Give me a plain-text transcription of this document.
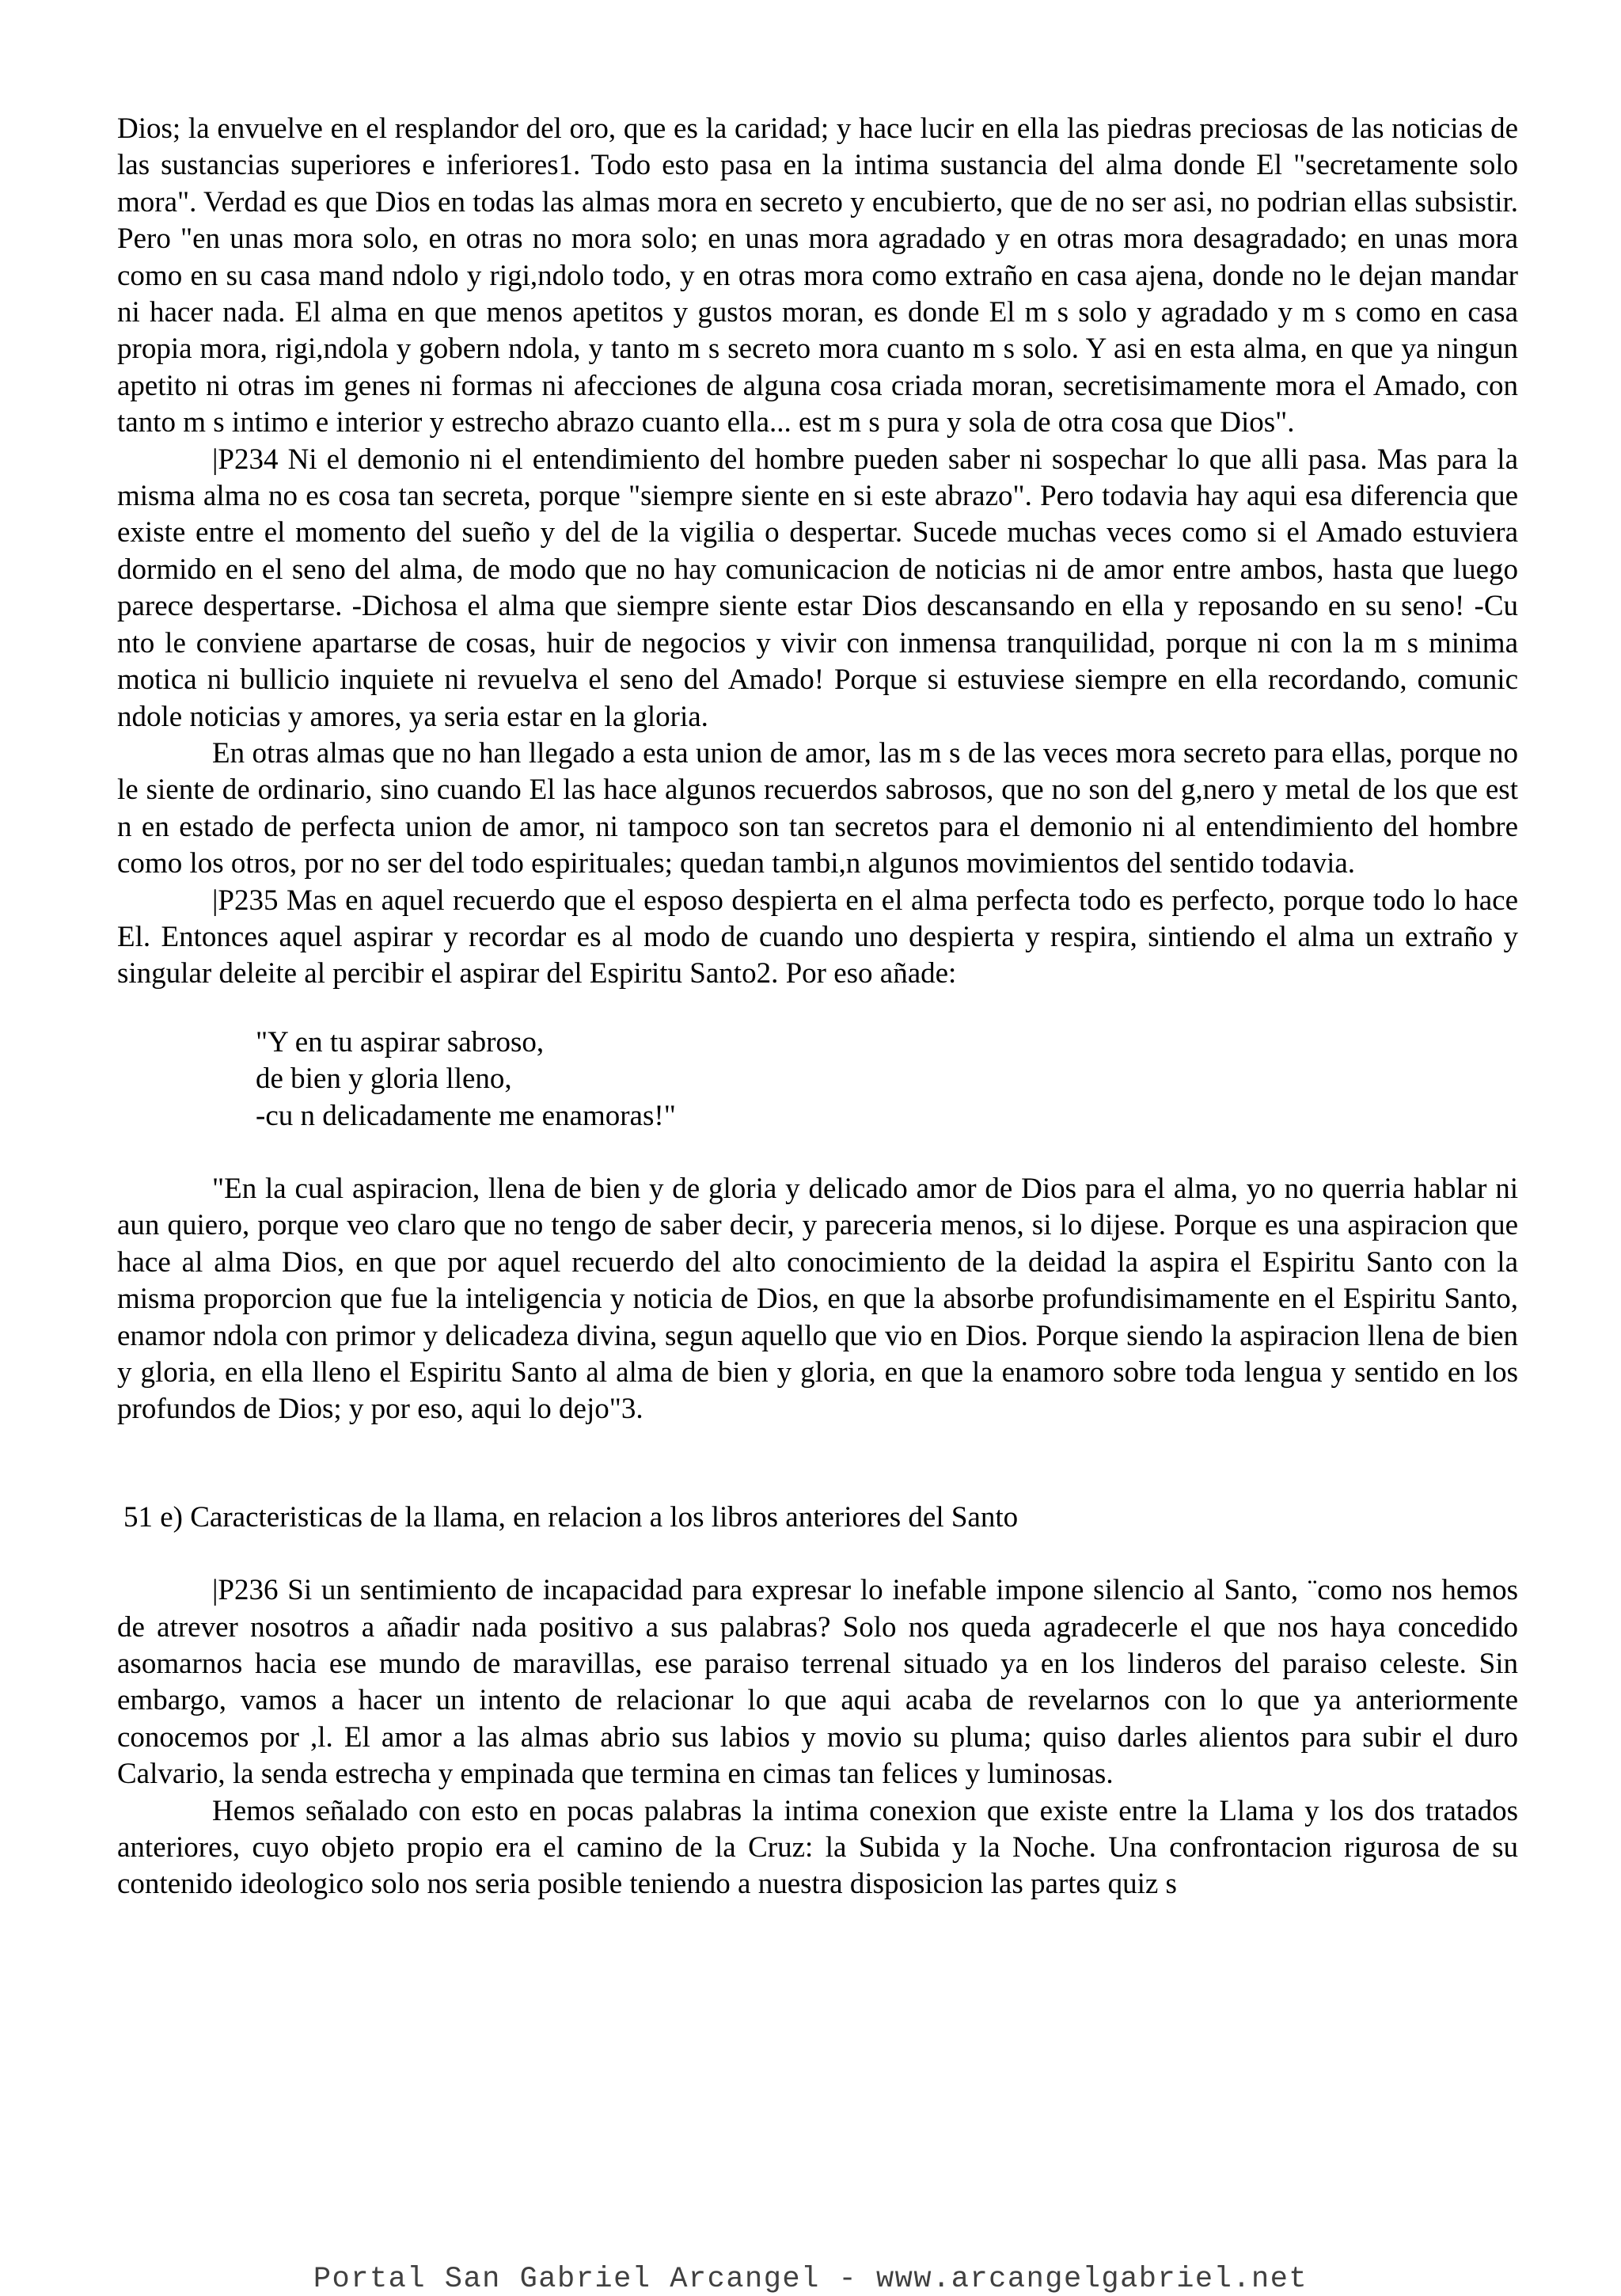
Dios; la envuelve en el resplandor del oro, que es la caridad; y hace lucir en ella las piedras preciosas de las noticias de las sustancias superiores e inferiores1. Todo esto pasa en la intima sustancia del alma donde El "secretamente solo mora". Verdad es que Dios en todas las almas mora en secreto y encubierto, que de no ser asi, no podrian ellas subsistir. Pero "en unas mora solo, en otras no mora solo; en unas mora agradado y en otras mora desagradado; en unas mora como en su casa mand ndolo y rigi,ndolo todo, y en otras mora como extraño en casa ajena, donde no le dejan mandar ni hacer nada. El alma en que menos apetitos y gustos moran, es donde El m s solo y agradado y m s como en casa propia mora, rigi,ndola y gobern ndola, y tanto m s secreto mora cuanto m s solo. Y asi en esta alma, en que ya ningun apetito ni otras im genes ni formas ni afecciones de alguna cosa criada moran, secretisimamente mora el Amado, con tanto m s intimo e interior y estrecho abrazo cuanto ella... est m s pura y sola de otra cosa que Dios".

|P234 Ni el demonio ni el entendimiento del hombre pueden saber ni sospechar lo que alli pasa. Mas para la misma alma no es cosa tan secreta, porque "siempre siente en si este abrazo". Pero todavia hay aqui esa diferencia que existe entre el momento del sueño y del de la vigilia o despertar. Sucede muchas veces como si el Amado estuviera dormido en el seno del alma, de modo que no hay comunicacion de noticias ni de amor entre ambos, hasta que luego parece despertarse. -Dichosa el alma que siempre siente estar Dios descansando en ella y reposando en su seno! -Cu nto le conviene apartarse de cosas, huir de negocios y vivir con inmensa tranquilidad, porque ni con la m s minima motica ni bullicio inquiete ni revuelva el seno del Amado! Porque si estuviese siempre en ella recordando, comunic ndole noticias y amores, ya seria estar en la gloria.

En otras almas que no han llegado a esta union de amor, las m s de las veces mora secreto para ellas, porque no le siente de ordinario, sino cuando El las hace algunos recuerdos sabrosos, que no son del g,nero y metal de los que est n en estado de perfecta union de amor, ni tampoco son tan secretos para el demonio ni al entendimiento del hombre como los otros, por no ser del todo espirituales; quedan tambi,n algunos movimientos del sentido todavia.

|P235 Mas en aquel recuerdo que el esposo despierta en el alma perfecta todo es perfecto, porque todo lo hace El. Entonces aquel aspirar y recordar es al modo de cuando uno despierta y respira, sintiendo el alma un extraño y singular deleite al percibir el aspirar del Espiritu Santo2. Por eso añade:

"Y en tu aspirar sabroso,
de bien y gloria lleno,
-cu n delicadamente me enamoras!"

"En la cual aspiracion, llena de bien y de gloria y delicado amor de Dios para el alma, yo no querria hablar ni aun quiero, porque veo claro que no tengo de saber decir, y pareceria menos, si lo dijese. Porque es una aspiracion que hace al alma Dios, en que por aquel recuerdo del alto conocimiento de la deidad la aspira el Espiritu Santo con la misma proporcion que fue la inteligencia y noticia de Dios, en que la absorbe profundisimamente en el Espiritu Santo, enamor ndola con primor y delicadeza divina, segun aquello que vio en Dios. Porque siendo la aspiracion llena de bien y gloria, en ella lleno el Espiritu Santo al alma de bien y gloria, en que la enamoro sobre toda lengua y sentido en los profundos de Dios; y por eso, aqui lo dejo"3.

51 e) Caracteristicas de la llama, en relacion a los libros anteriores del Santo

|P236 Si un sentimiento de incapacidad para expresar lo inefable impone silencio al Santo, ¨como nos hemos de atrever nosotros a añadir nada positivo a sus palabras? Solo nos queda agradecerle el que nos haya concedido asomarnos hacia ese mundo de maravillas, ese paraiso terrenal situado ya en los linderos del paraiso celeste. Sin embargo, vamos a hacer un intento de relacionar lo que aqui acaba de revelarnos con lo que ya anteriormente conocemos por ,l. El amor a las almas abrio sus labios y movio su pluma; quiso darles alientos para subir el duro Calvario, la senda estrecha y empinada que termina en cimas tan felices y luminosas.

Hemos señalado con esto en pocas palabras la intima conexion que existe entre la Llama y los dos tratados anteriores, cuyo objeto propio era el camino de la Cruz: la Subida y la Noche. Una confrontacion rigurosa de su contenido ideologico solo nos seria posible teniendo a nuestra disposicion las partes quiz s

Portal San Gabriel Arcangel - www.arcangelgabriel.net
